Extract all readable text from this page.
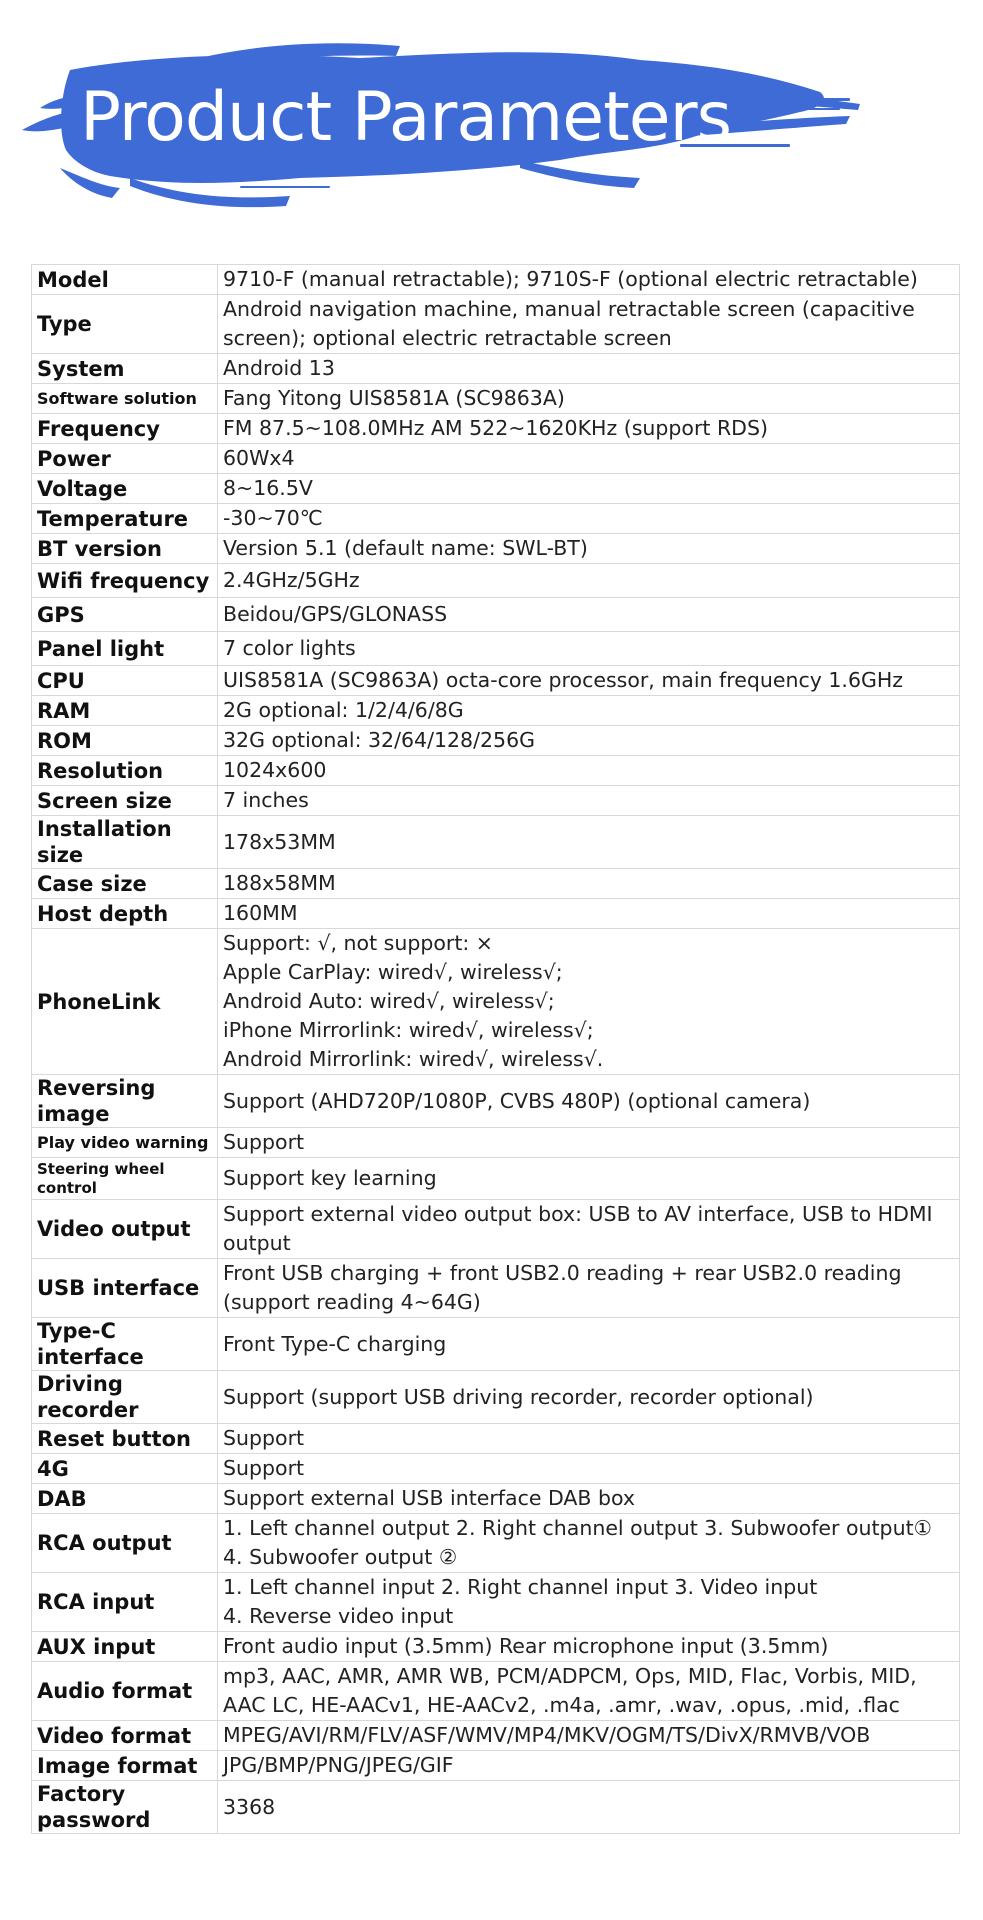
Product Parameters
Model	9710-F (manual retractable); 9710S-F (optional electric retractable)
Type	Android navigation machine, manual retractable screen (capacitive screen); optional electric retractable screen
System	Android 13
Software solution	Fang Yitong UIS8581A (SC9863A)
Frequency	FM 87.5~108.0MHz AM 522~1620KHz (support RDS)
Power	60Wx4
Voltage	8~16.5V
Temperature	-30~70℃
BT version	Version 5.1 (default name: SWL-BT)
Wifi frequency	2.4GHz/5GHz
GPS	Beidou/GPS/GLONASS
Panel light	7 color lights
CPU	UIS8581A (SC9863A) octa-core processor, main frequency 1.6GHz
RAM	2G optional: 1/2/4/6/8G
ROM	32G optional: 32/64/128/256G
Resolution	1024x600
Screen size	7 inches
Installation size	178x53MM
Case size	188x58MM
Host depth	160MM
PhoneLink	Support: √, not support: ×
Apple CarPlay: wired√, wireless√;
Android Auto: wired√, wireless√;
iPhone Mirrorlink: wired√, wireless√;
Android Mirrorlink: wired√, wireless√.
Reversing image	Support (AHD720P/1080P, CVBS 480P) (optional camera)
Play video warning	Support
Steering wheel control	Support key learning
Video output	Support external video output box: USB to AV interface, USB to HDMI output
USB interface	Front USB charging + front USB2.0 reading + rear USB2.0 reading (support reading 4~64G)
Type-C interface	Front Type-C charging
Driving recorder	Support (support USB driving recorder, recorder optional)
Reset button	Support
4G	Support
DAB	Support external USB interface DAB box
RCA output	1. Left channel output 2. Right channel output 3. Subwoofer output①
4. Subwoofer output ②
RCA input	1. Left channel input 2. Right channel input 3. Video input
4. Reverse video input
AUX input	Front audio input (3.5mm) Rear microphone input (3.5mm)
Audio format	mp3, AAC, AMR, AMR WB, PCM/ADPCM, Ops, MID, Flac, Vorbis, MID, AAC LC, HE-AACv1, HE-AACv2, .m4a, .amr, .wav, .opus, .mid, .flac
Video format	MPEG/AVI/RM/FLV/ASF/WMV/MP4/MKV/OGM/TS/DivX/RMVB/VOB
Image format	JPG/BMP/PNG/JPEG/GIF
Factory password	3368
